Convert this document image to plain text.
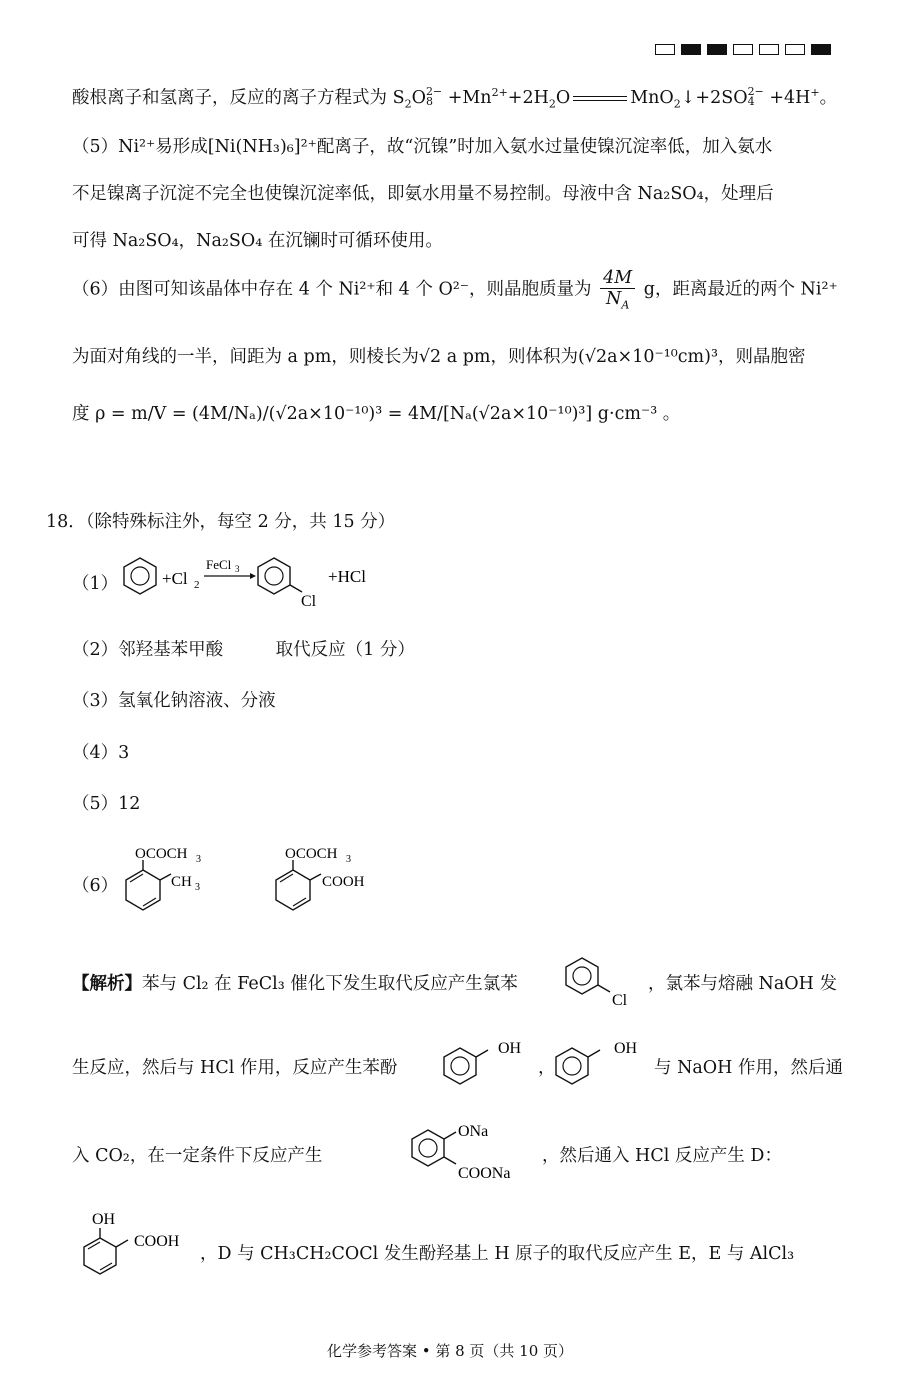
酸根离子和氢离子，反应的离子方程式为 $S_2O2-$
$8 +Mn^{2+}+2H_2O$	MnO$_2$↓+2SO2−
4 +4H+。
（5）Ni²⁺易形成[Ni(NH₃)₆]²⁺配离子，故“沉镍”时加入氨水过量使镍沉淀率低，加入氨水
不足镍离子沉淀不完全也使镍沉淀率低，即氨水用量不易控制。母液中含 Na₂SO₄，处理后
可得 Na₂SO₄，Na₂SO₄ 在沉镧时可循环使用。
（6）由图可知该晶体中存在 4 个 Ni²⁺和 4 个 O²⁻，则晶胞质量为 $\frac{4M}{N_A}$ g，距离最近的两个 Ni²⁺
为面对角线的一半，间距为 a pm，则棱长为√2 a pm，则体积为(√2a×10⁻¹⁰cm)³，则晶胞密
度 ρ = m/V = (4M/Nₐ)/(√2a×10⁻¹⁰)³ = 4M/[Nₐ(√2a×10⁻¹⁰)³] g·cm⁻³ 。
18．（除特殊标注外，每空 2 分，共 15 分）
（1）	+Cl 2
FeCl 3
Cl
+HCl
（2）邻羟基苯甲酸　　　取代反应（1 分）
（3）氢氧化钠溶液、分液
（4）3
（5）12
（6）
OCOCH 3
CH 3
OCOCH 3
COOH
【解析】苯与 Cl₂ 在 FeCl₃ 催化下发生取代反应产生氯苯
Cl
，氯苯与熔融 NaOH 发
生反应，然后与 HCl 作用，反应产生苯酚
OH
，
OH
与 NaOH 作用，然后通
入 CO₂，在一定条件下反应产生
ONa
COONa
，然后通入 HCl 反应产生 D：
OH
COOH
，D 与 CH₃CH₂COCl 发生酚羟基上 H 原子的取代反应产生 E，E 与 AlCl₃
化学参考答案 • 第 8 页（共 10 页）
